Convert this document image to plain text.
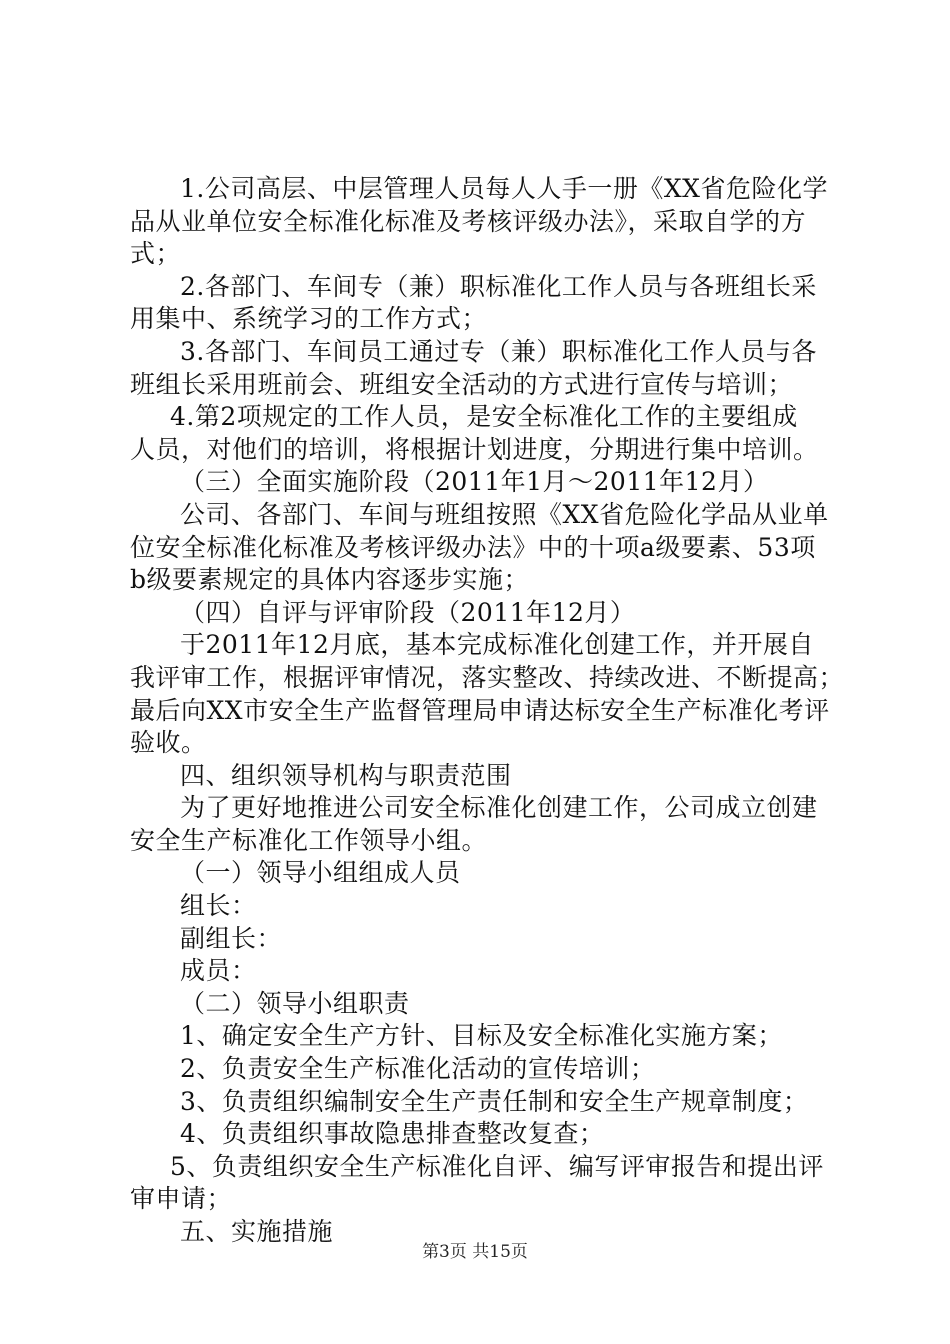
1.公司高层、中层管理人员每人人手一册《XX省危险化学
品从业单位安全标准化标准及考核评级办法》，采取自学的方
式；
2.各部门、车间专（兼）职标准化工作人员与各班组长采
用集中、系统学习的工作方式；
3.各部门、车间员工通过专（兼）职标准化工作人员与各
班组长采用班前会、班组安全活动的方式进行宣传与培训；
4.第2项规定的工作人员，是安全标准化工作的主要组成
人员，对他们的培训，将根据计划进度，分期进行集中培训。
（三）全面实施阶段（2011年1月～2011年12月）
公司、各部门、车间与班组按照《XX省危险化学品从业单
位安全标准化标准及考核评级办法》中的十项a级要素、53项
b级要素规定的具体内容逐步实施；
（四）自评与评审阶段（2011年12月）
于2011年12月底，基本完成标准化创建工作，并开展自
我评审工作，根据评审情况，落实整改、持续改进、不断提高；
最后向XX市安全生产监督管理局申请达标安全生产标准化考评
验收。
四、组织领导机构与职责范围
为了更好地推进公司安全标准化创建工作，公司成立创建
安全生产标准化工作领导小组。
（一）领导小组组成人员
组长：
副组长：
成员：
（二）领导小组职责
1、确定安全生产方针、目标及安全标准化实施方案；
2、负责安全生产标准化活动的宣传培训；
3、负责组织编制安全生产责任制和安全生产规章制度；
4、负责组织事故隐患排查整改复查；
5、负责组织安全生产标准化自评、编写评审报告和提出评
审申请；
五、实施措施
第3页 共15页
